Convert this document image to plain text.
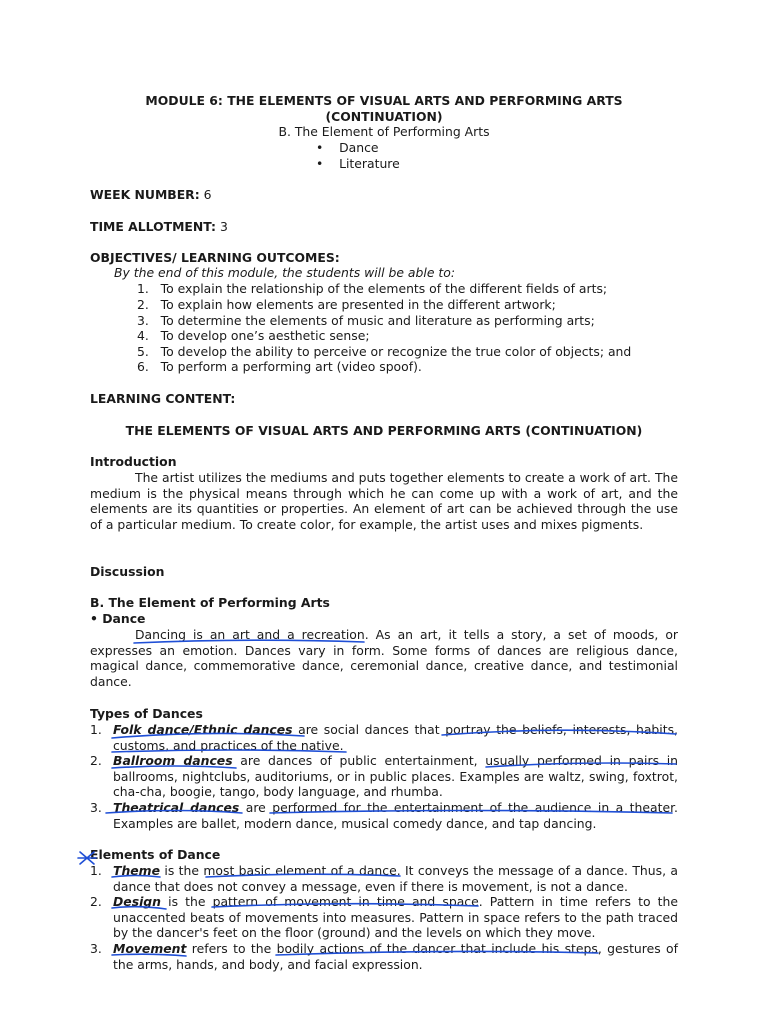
MODULE 6: THE ELEMENTS OF VISUAL ARTS AND PERFORMING ARTS
(CONTINUATION)
B. The Element of Performing Arts
•    Dance
•    Literature
WEEK NUMBER: 6
TIME ALLOTMENT: 3
OBJECTIVES/ LEARNING OUTCOMES:
By the end of this module, the students will be able to:
1.   To explain the relationship of the elements of the different fields of arts;
2.   To explain how elements are presented in the different artwork;
3.   To determine the elements of music and literature as performing arts;
4.   To develop one’s aesthetic sense;
5.   To develop the ability to perceive or recognize the true color of objects; and
6.   To perform a performing art (video spoof).
LEARNING CONTENT:
THE ELEMENTS OF VISUAL ARTS AND PERFORMING ARTS (CONTINUATION)
Introduction
The artist utilizes the mediums and puts together elements to create a work of art. The medium is the physical means through which he can come up with a work of art, and the elements are its quantities or properties. An element of art can be achieved through the use of a particular medium. To create color, for example, the artist uses and mixes pigments.
Discussion
B. The Element of Performing Arts
• Dance
Dancing is an art and a recreation. As an art, it tells a story, a set of moods, or expresses an emotion. Dances vary in form. Some forms of dances are religious dance, magical dance, commemorative dance, ceremonial dance, creative dance, and testimonial dance.
Types of Dances
1. Folk dance/Ethnic dances are social dances that portray the beliefs, interests, habits, customs, and practices of the native.
2. Ballroom dances are dances of public entertainment, usually performed in pairs in ballrooms, nightclubs, auditoriums, or in public places. Examples are waltz, swing, foxtrot, cha-cha, boogie, tango, body language, and rhumba.
3. Theatrical dances are performed for the entertainment of the audience in a theater. Examples are ballet, modern dance, musical comedy dance, and tap dancing.
Elements of Dance
1. Theme is the most basic element of a dance. It conveys the message of a dance. Thus, a dance that does not convey a message, even if there is movement, is not a dance.
2. Design is the pattern of movement in time and space. Pattern in time refers to the unaccented beats of movements into measures. Pattern in space refers to the path traced by the dancer's feet on the floor (ground) and the levels on which they move.
3. Movement refers to the bodily actions of the dancer that include his steps, gestures of the arms, hands, and body, and facial expression.
